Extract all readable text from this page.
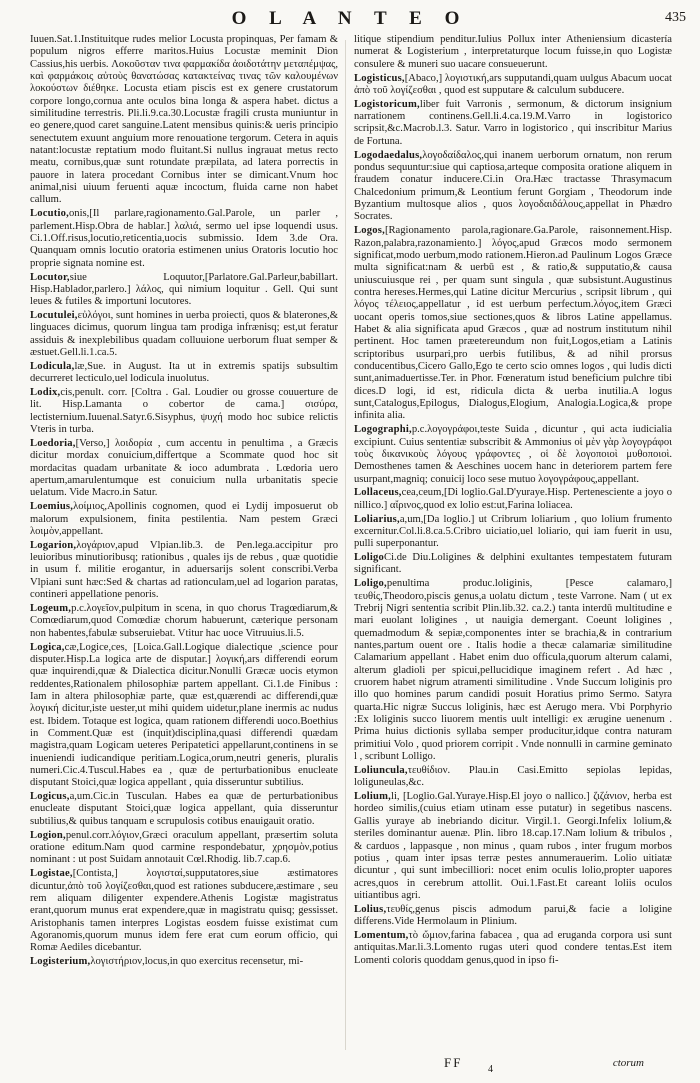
O L A N T E O	435

Iuuen.Sat.1.Instituitque rudes melior Locusta propinquas, Per famam & populum nigros efferre maritos.Huius Locustæ meminit Dion Cassius,his uerbis. Λοκοῦσταν τινα φαρμακίδα ἀοιδοτάτην μεταπέμψας, καὶ φαρμάκοις αὐτοὺς θανατώσας κατακτείνας τινας τῶν καλουμένων λοκούστων διέθηκε. Locusta etiam piscis est ex genere crustatorum corpore longo,cornua ante oculos bina longa & aspera habet. dictus a similitudine terrestris. Pli.li.9.ca.30.Locustæ fragili crusta muniuntur in eo genere,quod caret sanguine.Latent mensibus quinis:& ueris principio senectutem exuunt anguium more renouatione tergorum. Cetera in aquis natant:locustæ reptatium modo fluitant.Si nullus ingrauat metus recto meatu, cornibus,quæ sunt rotundate præpilata, ad latera porrectis in pauore in latera procedant Cornibus inter se dimicant.Vnum hoc animal,nisi uiuum feruenti aquæ incoctum, fluida carne non habet callum.

Locutio,onis,[Il parlare,ragionamento.Gal.Parole, un parler , parlement.Hisp.Obra de hablar.] λαλιά, sermo uel ipse loquendi usus. Ci.1.Off.risus,locutio,reticentia,uocis submissio. Idem 3.de Ora. Quanquam omnis locutio oratoria estimenen unius Oratoris locutio hoc proprie signata nomine est.

Locutor,siue Loquutor,[Parlatore.Gal.Parleur,babillart. Hisp.Hablador,parlero.] λάλος, qui nimium loquitur . Gell. Qui sunt leues & futiles & importuni locutores.

Locutulei,εὐλόγοι, sunt homines in uerba proiecti, quos & blaterones,& linguaces dicimus, quorum lingua tam prodiga infrænisq; est,ut feratur assiduis & inexplebilibus quadam colluuione uerborum fluat semper & æstuet.Gell.li.1.ca.5.

Lodicula,læ,Sue. in August. Ita ut in extremis spatijs subsultim decurreret lecticulo,uel lodicula inuolutus.

Lodix,cis,penult. corr. [Coltra . Gal. Loudier ou grosse couuerture de lit. Hisp.Lamanta o cobertor de cama.] σισύρα, lectisternium.Iuuenal.Satyr.6.Sisyphus, ψυχή modo hoc subice relictis Vteris in turba.

Loedoria,[Verso,] λοιδορία , cum accentu in penultima , a Græcis dicitur mordax conuicium,differtque a Scommate quod hoc sit mordacitas quadam urbanitate & ioco adumbrata . Lœdoria uero apertum,amarulentumque est conuicium nulla urbanitatis specie uelatum. Vide Macro.in Satur.

Loemius,λοίμιος,Apollinis cognomen, quod ei Lydij imposuerut ob malorum expulsionem, finita pestilentia. Nam pestem Græci λοιμὸν,appellant.

Logarion,λογάριον,apud Vlpian.lib.3. de Pen.lega.accipitur pro leuioribus minutioribusq; rationibus , quales ijs de rebus , quæ quotidie in usum f. militie erogantur, in aduersarijs solent conscribi.Verba Vlpiani sunt hæc:Sed & chartas ad rationculam,uel ad logarion paratas, contineri appellatione penoris.

Logeum,p.c.λογεῖον,pulpitum in scena, in quo chorus Tragœdiarum,& Comœdiarum,quod Comœdiæ chorum habuerunt, cæterique personam non habentes,fabulæ subseruiebat. Vtitur hac uoce Vitruuius.li.5.

Logica,cæ,Logice,ces, [Loica.Gall.Logique dialectique ,science pour disputer.Hisp.La logica arte de disputar.] λογική,ars differendi eorum quæ inquirendi,quæ & Dialectica dicitur.Nonulli Græcæ uocis etymon reddentes,Rationalem philosophiæ partem appellant. Ci.1.de Finibus : Iam in altera philosophiæ parte, quæ est,quærendi ac differendi,quæ λογική dicitur,iste uester,ut mihi quidem uidetur,plane inermis ac nudus est. Ibidem. Totaque est logica, quam rationem differendi uoco.Boethius in Comment.Quæ est (inquit)disciplina,quasi differendi quædam magistra,quam Logicam ueteres Peripatetici appellarunt,continens in se inueniendi iudicandique peritiam.Logica,orum,neutri generis, pluralis numeri.Cic.4.Tuscul.Habes ea , quæ de perturbationibus enucleate disputant Stoici,quæ logica appellant , quia disseruntur subtilius.

Logicus,a,um.Cic.in Tusculan. Habes ea quæ de perturbationibus enucleate disputant Stoici,quæ logica appellant, quia disseruntur subtilius,& quibus tanquam e scrupulosis cotibus enauigauit oratio.

Logion,penul.corr.λόγιον,Græci oraculum appellant, præsertim soluta oratione editum.Nam quod carmine respondebatur, χρησμὸν,potius nominant : ut post Suidam annotauit Cœl.Rhodig. lib.7.cap.6.

Logistae,[Contista,] λογισταί,supputatores,siue æstimatores dicuntur,ἀπὸ τοῦ λογίζεσθαι,quod est rationes subducere,æstimare , seu rem aliquam diligenter expendere.Athenis Logistæ magistratus erant,quorum munus erat expendere,quæ in magistratu quisq; gessisset. Aristophanis tamen interpres Logistas eosdem fuisse existimat cum Agoranomis,quorum munus idem fere erat cum eorum officio, qui Romæ Aediles dicebantur.

Logisterium,λογιστήριον,locus,in quo exercitus recensetur, mi-

litique stipendium penditur.Iulius Pollux inter Atheniensium dicastería numerat & Logisterium , interpretaturque locum fuisse,in quo Logistæ consulere & muneri suo uacare consueuerunt.

Logisticus,[Abaco,] λογιστική,ars supputandi,quam uulgus Abacum uocat ἀπὸ τοῦ λογίζεσθαι , quod est supputare & calculum subducere.

Logistoricum,liber fuit Varronis , sermonum, & dictorum insignium narrationem continens.Gell.li.4.ca.19.M.Varro in logistorico scripsit,&c.Macrob.l.3. Satur. Varro in logistorico , qui inscribitur Marius de Fortuna.

Logodaedalus,λογοδαίδαλος,qui inanem uerborum ornatum, non rerum pondus sequuntur:siue qui captiosa,arteque composita oratione aliquem in fraudem conatur inducere.Ci.in Ora.Hæc tractasse Thrasymacum Chalcedonium primum,& Leontium ferunt Gorgiam , Theodorum inde Byzantium multosque alios , quos λογοδαιδάλους,appellat in Phædro Socrates.

Logos,[Ragionamento parola,ragionare.Ga.Parole, raisonnement.Hisp. Razon,palabra,razonamiento.] λόγος,apud Græcos modo sermonem significat,modo uerbum,modo rationem.Hieron.ad Paulinum Logos Græce multa significat:nam & uerbū est , & ratio,& supputatio,& causa uniuscuiusque rei , per quam sunt singula , quæ subsistunt.Augustinus contra hereses.Hermes,qui Latine dicitur Mercurius , scripsit librum , qui λόγος τέλειος,appellatur , id est uerbum perfectum.λόγος,item Græci uocant operis tomos,siue sectiones,quos & libros Latine appellamus. Habet & alia significata apud Græcos , quæ ad nostrum institutum nihil pertinent. Hoc tamen præetereundum non fuit,Logos,etiam a Latinis scriptoribus usurpari,pro uerbis futilibus, & ad nihil prorsus conducentibus,Cicero Gallo,Ego te certo scio omnes logos , qui ludis dicti sunt,animaduertisse.Ter. in Phor. Fœneratum istud beneficium pulchre tibi dices.D logi, id est, ridicula dicta & uerba inutilia.A logus sunt,Catalogus,Epilogus, Dialogus,Elogium, Analogia.Logica,& prope infinita alia.

Logographi,p.c.λογογράφοι,teste Suida , dicuntur , qui acta iudicialia excipiunt. Cuius sententiæ subscribit & Ammonius οἱ μὲν γὰρ λογογράφοι τοὺς δικανικοὺς λόγους γράφοντες , οἱ δὲ λογοποιοὶ μυθοποιοὶ. Demosthenes tamen & Aeschines uocem hanc in deteriorem partem fere usurpant,magniq; conuicij loco sese mutuo λογογράφους,appellant.

Lollaceus,cea,ceum,[Di loglio.Gal.D'yuraye.Hisp. Pertenesciente a joyo o nillico.] αἴρινος,quod ex lolio est:ut,Farina loliacea.

Loliarius,a,um,[Da loglio.] ut Cribrum loliarium , quo lolium frumento excernitur.Col.li.8.ca.5.Cribro uiciatio,uel loliario, qui iam fuerit in usu, pulli superponantur.

LoligoCi.de Diu.Loligines & delphini exultantes tempestatem futuram significant.

Loligo,penultima produc.loliginis, [Pesce calamaro,] τευθίς,Theodoro,piscis genus,a uolatu dictum , teste Varrone. Nam ( ut ex Trebrij Nigri sententia scribit Plin.lib.32. ca.2.) tanta interdū multitudine e mari euolant loligines , ut nauigia demergant. Coeunt loligines , quemadmodum & sepiæ,componentes inter se brachia,& in contrarium nantes,partum ouent ore . Italis hodie a thecæ calamariæ similitudine Calamarium appellant . Habet enim duo officula,quorum alterum calami, alterum gladioli per spicui,pellucidique imaginem refert . Ad hæc , cruorem habet nigrum atramenti similitudine . Vnde Succum loliginis pro illo quo homines parum candidi posuit Horatius primo Sermo. Satyra quarta.Hic nigræ Succus loliginis, hæc est Aerugo mera. Vbi Porphyrio :Ex loliginis succo liuorem mentis uult intelligi: ex ærugine uenenum . Prima huius dictionis syllaba semper producitur,idque contra naturam primitiui Volo , quod priorem corripit . Vnde nonnulli in carmine geminato l , scribunt Lolligo.

Loliuncula,τευθίδιον. Plau.in Casi.Emitto sepiolas lepidas, loliguneulas,&c.

Lolium,li, [Loglio.Gal.Yuraye.Hisp.El joyo o nallico.] ζιζάνιον, herba est hordeo similis,(cuius etiam utinam esse putatur) in segetibus nascens. Gallis yuraye ab inebriando dicitur. Virgil.1. Georgi.Infelix lolium,& steriles dominantur auenæ. Plin. libro 18.cap.17.Nam lolium & tribulos , & carduos , lappasque , non minus , quam rubos , inter frugum morbos potius , quam inter ipsas terræ pestes annumerauerim. Lolio uitiatæ dicuntur , qui sunt imbecilliori: nocet enim oculis lolio,propter uapores acres,quos in cerebrum attollit. Oui.1.Fast.Et careant loliis oculos uitiantibus agri.

Lolius,τευθίς,genus piscis admodum parui,& facie a loligine differens.Vide Hermolaum in Plinium.

Lomentum,τὸ ὤμιον,farina fabacea , qua ad eruganda corpora usi sunt antiquitas.Mar.li.3.Lomento rugas uteri quod condere tentas.Est item Lomenti coloris quoddam genus,quod in ipso fi-

FF	4
ctorum
